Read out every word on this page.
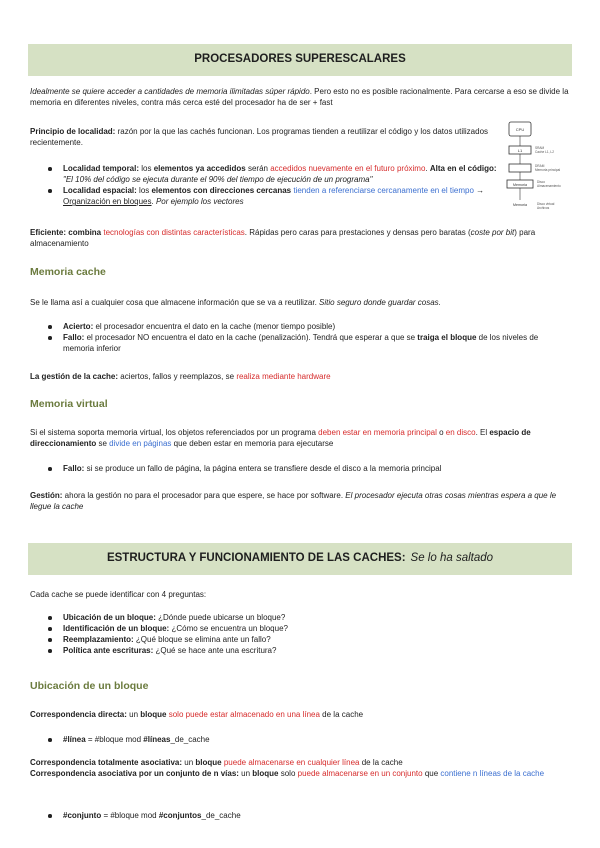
PROCESADORES SUPERESCALARES

Idealmente se quiere acceder a cantidades de memoria ilimitadas súper rápido. Pero esto no es posible racionalmente. Para cercarse a eso se divide la memoria en diferentes niveles, contra más cerca esté del procesador ha de ser + fast

Principio de localidad: razón por la que las cachés funcionan. Los programas tienden a reutilizar el código y los datos utilizados recientemente.

Localidad temporal: los elementos ya accedidos serán accedidos nuevamente en el futuro próximo. Alta en el código: "El 10% del código se ejecuta durante el 90% del tiempo de ejecución de un programa"
Localidad espacial: los elementos con direcciones cercanas tienden a referenciarse cercanamente en el tiempo → Organización en bloques. Por ejemplo los vectores
CPU
L1	SRAM
Cache L1, L2
DRAM
Memoria principal
Memoria
Disco
Almacenamiento
Memoria	Disco virtual
Archivos

Eficiente: combina tecnologías con distintas características. Rápidas pero caras para prestaciones y densas pero baratas (coste por bit) para almacenamiento

Memoria cache

Se le llama así a cualquier cosa que almacene información que se va a reutilizar. Sitio seguro donde guardar cosas.

Acierto: el procesador encuentra el dato en la cache (menor tiempo posible)
Fallo: el procesador NO encuentra el dato en la cache (penalización). Tendrá que esperar a que se traiga el bloque de los niveles de memoria inferior

La gestión de la cache: aciertos, fallos y reemplazos, se realiza mediante hardware

Memoria virtual

Si el sistema soporta memoria virtual, los objetos referenciados por un programa deben estar en memoria principal o en disco. El espacio de direccionamiento se divide en páginas que deben estar en memoria para ejecutarse

Fallo: si se produce un fallo de página, la página entera se transfiere desde el disco a la memoria principal

Gestión: ahora la gestión no para el procesador para que espere, se hace por software. El procesador ejecuta otras cosas mientras espera a que le llegue la cache

ESTRUCTURA Y FUNCIONAMIENTO DE LAS CACHES: Se lo ha saltado

Cada cache se puede identificar con 4 preguntas:

Ubicación de un bloque: ¿Dónde puede ubicarse un bloque?
Identificación de un bloque: ¿Cómo se encuentra un bloque?
Reemplazamiento: ¿Qué bloque se elimina ante un fallo?
Política ante escrituras: ¿Qué se hace ante una escritura?
Ubicación de un bloque

Correspondencia directa: un bloque solo puede estar almacenado en una línea de la cache

#línea = #bloque mod #líneas_de_cache

Correspondencia totalmente asociativa: un bloque puede almacenarse en cualquier línea de la cache

Correspondencia asociativa por un conjunto de n vías: un bloque solo puede almacenarse en un conjunto que contiene n líneas de la cache

#conjunto = #bloque mod #conjuntos_de_cache
